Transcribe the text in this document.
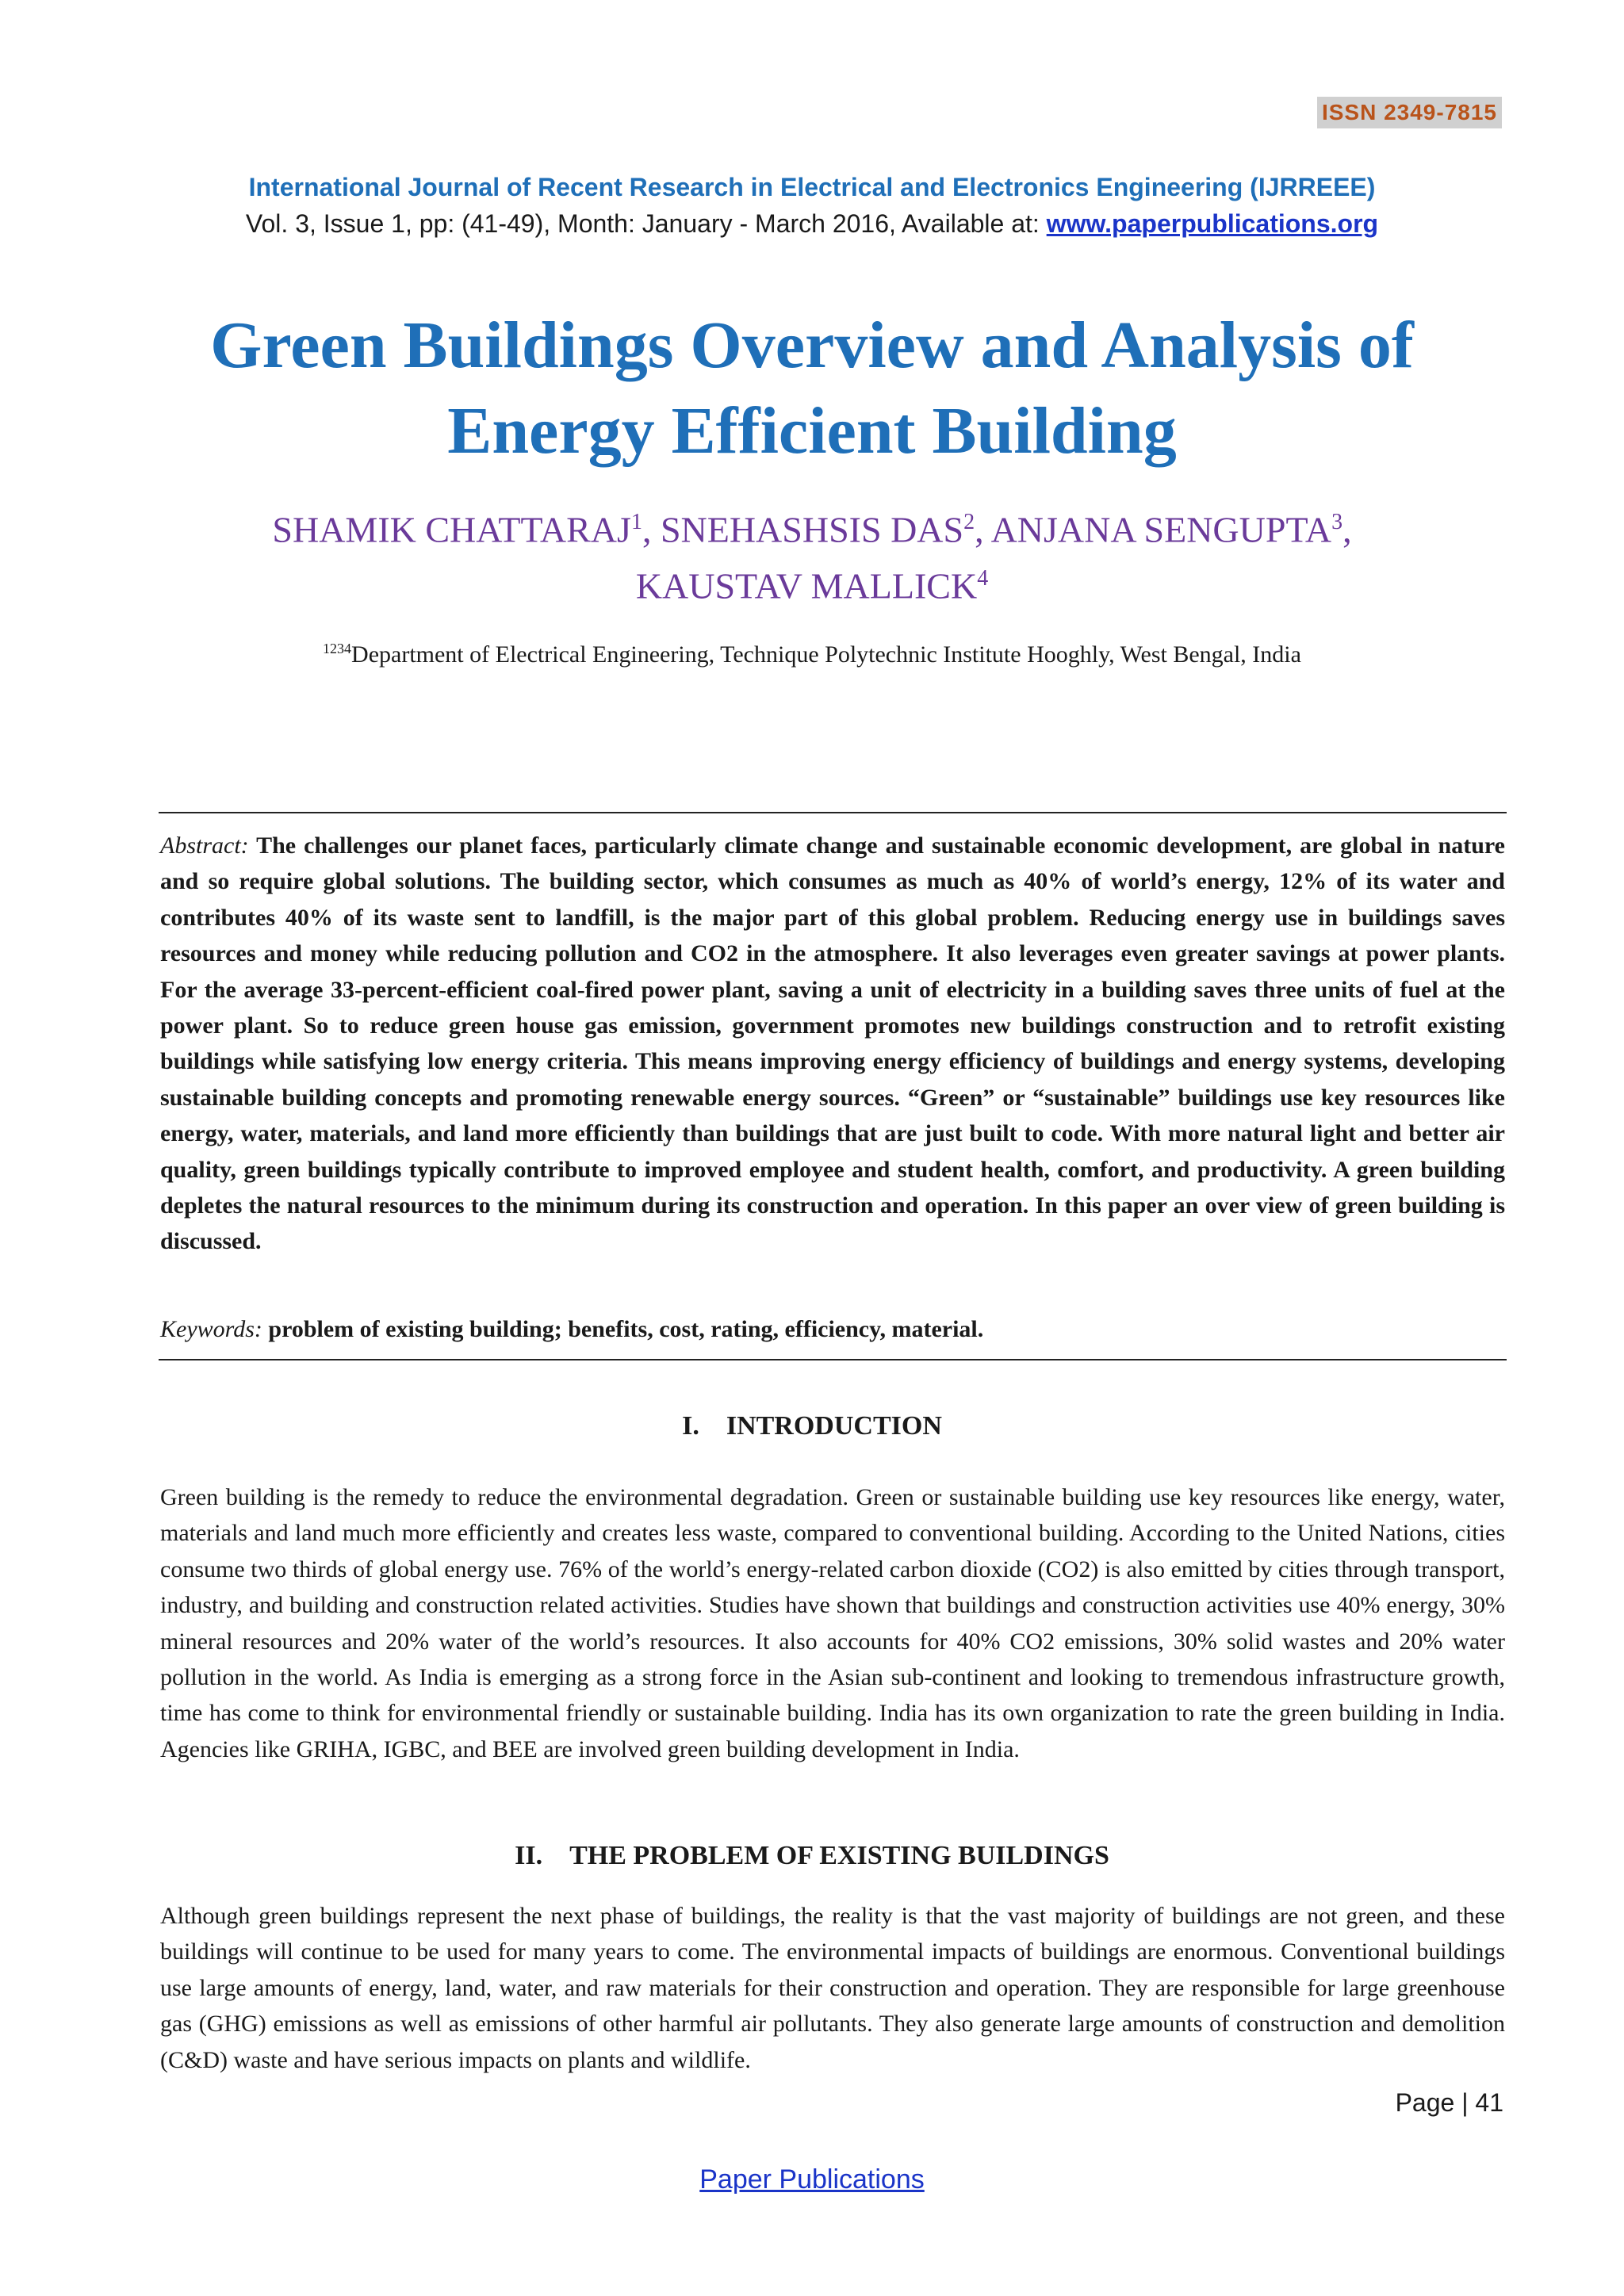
ISSN 2349-7815
International Journal of Recent Research in Electrical and Electronics Engineering (IJRREEE)
Vol. 3, Issue 1, pp: (41-49), Month: January - March 2016, Available at: www.paperpublications.org
Green Buildings Overview and Analysis of Energy Efficient Building
SHAMIK CHATTARAJ$^1$, SNEHASHSIS DAS$^2$, ANJANA SENGUPTA$^3$,
KAUSTAV MALLICK$^4$
$^{1234}$Department of Electrical Engineering, Technique Polytechnic Institute Hooghly, West Bengal, India
Abstract: The challenges our planet faces, particularly climate change and sustainable economic development, are global in nature and so require global solutions. The building sector, which consumes as much as 40% of world’s energy, 12% of its water and contributes 40% of its waste sent to landfill, is the major part of this global problem. Reducing energy use in buildings saves resources and money while reducing pollution and CO2 in the atmosphere. It also leverages even greater savings at power plants. For the average 33-percent-efficient coal-fired power plant, saving a unit of electricity in a building saves three units of fuel at the power plant. So to reduce green house gas emission, government promotes new buildings construction and to retrofit existing buildings while satisfying low energy criteria. This means improving energy efficiency of buildings and energy systems, developing sustainable building concepts and promoting renewable energy sources. “Green” or “sustainable” buildings use key resources like energy, water, materials, and land more efficiently than buildings that are just built to code. With more natural light and better air quality, green buildings typically contribute to improved employee and student health, comfort, and productivity. A green building depletes the natural resources to the minimum during its construction and operation. In this paper an over view of green building is discussed.
Keywords: problem of existing building; benefits, cost, rating, efficiency, material.
I. INTRODUCTION
Green building is the remedy to reduce the environmental degradation. Green or sustainable building use key resources like energy, water, materials and land much more efficiently and creates less waste, compared to conventional building. According to the United Nations, cities consume two thirds of global energy use. 76% of the world’s energy-related carbon dioxide (CO2) is also emitted by cities through transport, industry, and building and construction related activities. Studies have shown that buildings and construction activities use 40% energy, 30% mineral resources and 20% water of the world’s resources. It also accounts for 40% CO2 emissions, 30% solid wastes and 20% water pollution in the world. As India is emerging as a strong force in the Asian sub-continent and looking to tremendous infrastructure growth, time has come to think for environmental friendly or sustainable building. India has its own organization to rate the green building in India. Agencies like GRIHA, IGBC, and BEE are involved green building development in India.
II. THE PROBLEM OF EXISTING BUILDINGS
Although green buildings represent the next phase of buildings, the reality is that the vast majority of buildings are not green, and these buildings will continue to be used for many years to come. The environmental impacts of buildings are enormous. Conventional buildings use large amounts of energy, land, water, and raw materials for their construction and operation. They are responsible for large greenhouse gas (GHG) emissions as well as emissions of other harmful air pollutants. They also generate large amounts of construction and demolition (C&D) waste and have serious impacts on plants and wildlife.
Page | 41
Paper Publications
